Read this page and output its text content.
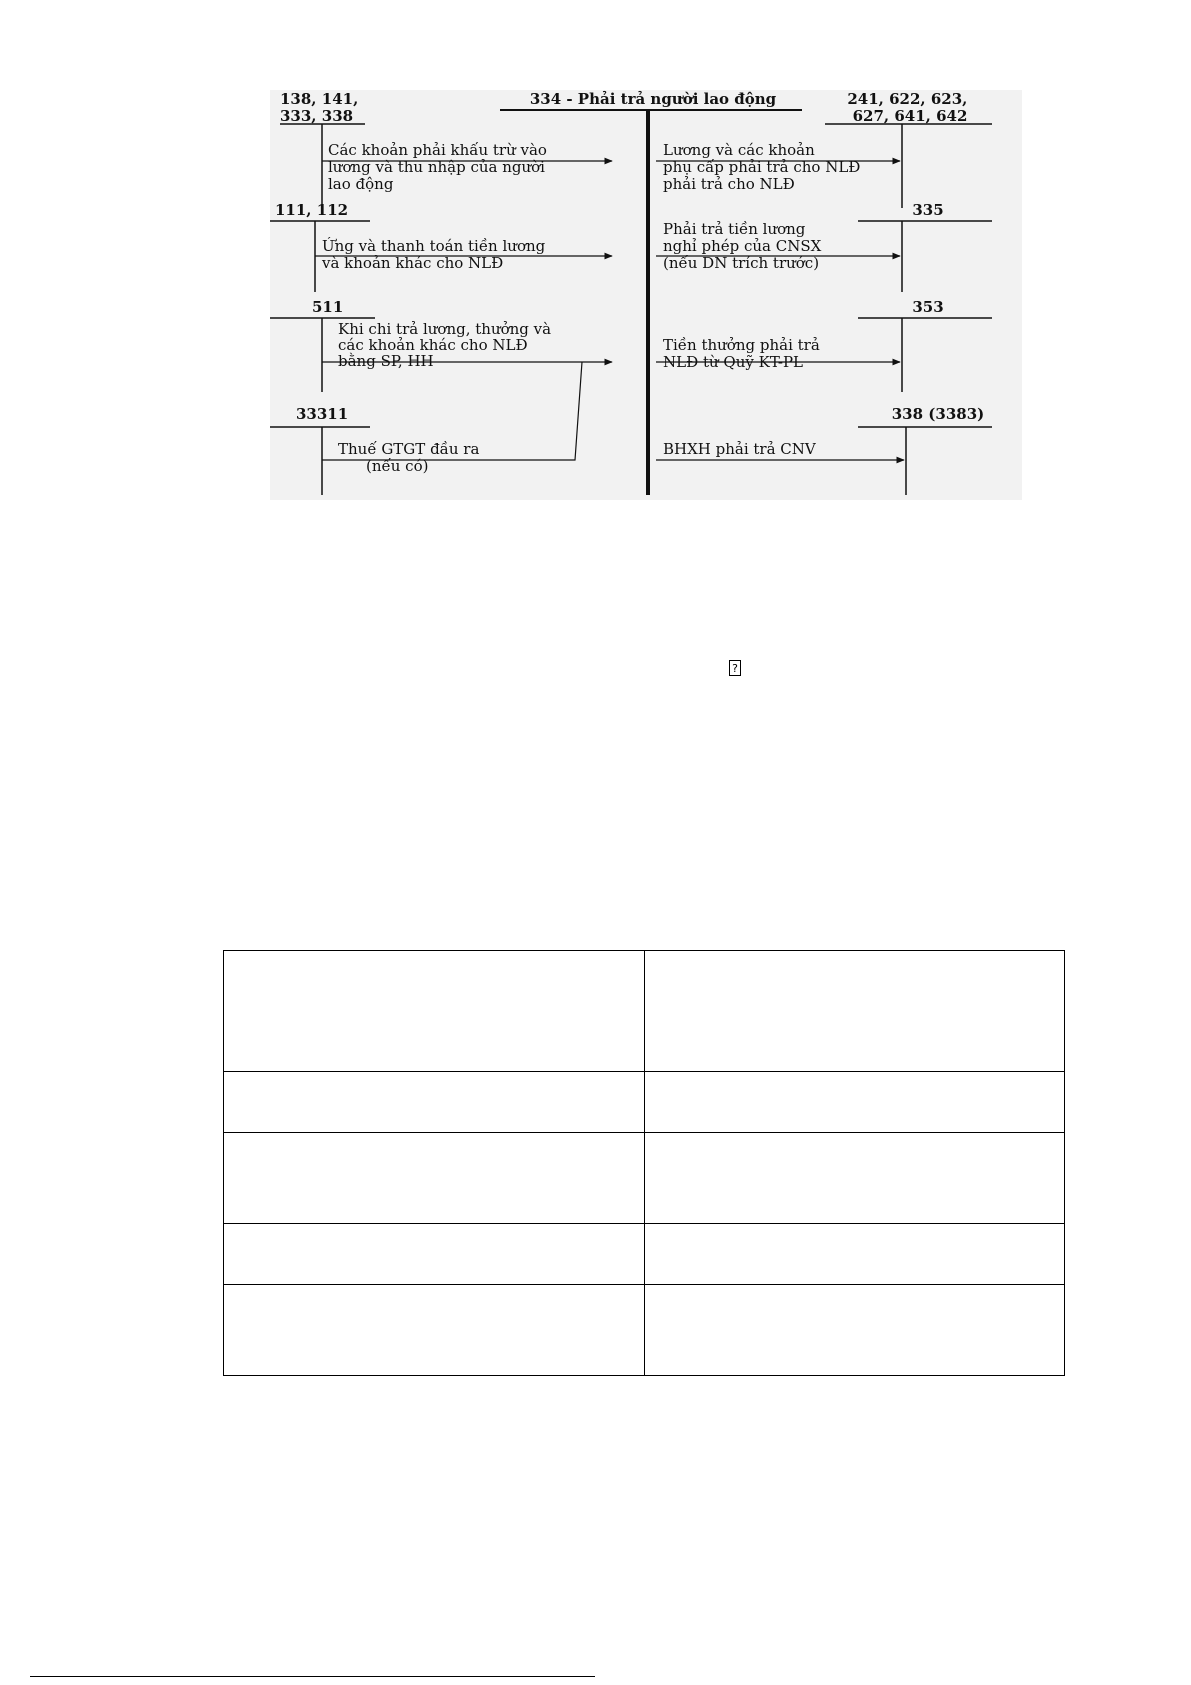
334 - Phải trả người lao động
138, 141, 333, 338
Các khoản phải khấu trừ vào lương và thu nhập của người lao động
111, 112
Ứng và thanh toán tiền lương và khoản khác cho NLĐ
511
Khi chi trả lương, thưởng và các khoản khác cho NLĐ bằng SP, HH
33311
Thuế GTGT đầu ra (nếu có)
241, 622, 623, 627, 641, 642
Lương và các khoản phụ cấp phải trả cho NLĐ phải trả cho NLĐ
335
Phải trả tiền lương nghỉ phép của CNSX (nếu DN trích trước)
353
Tiền thưởng phải trả NLĐ từ Quỹ KT-PL
338 (3383)
BHXH phải trả CNV
?
